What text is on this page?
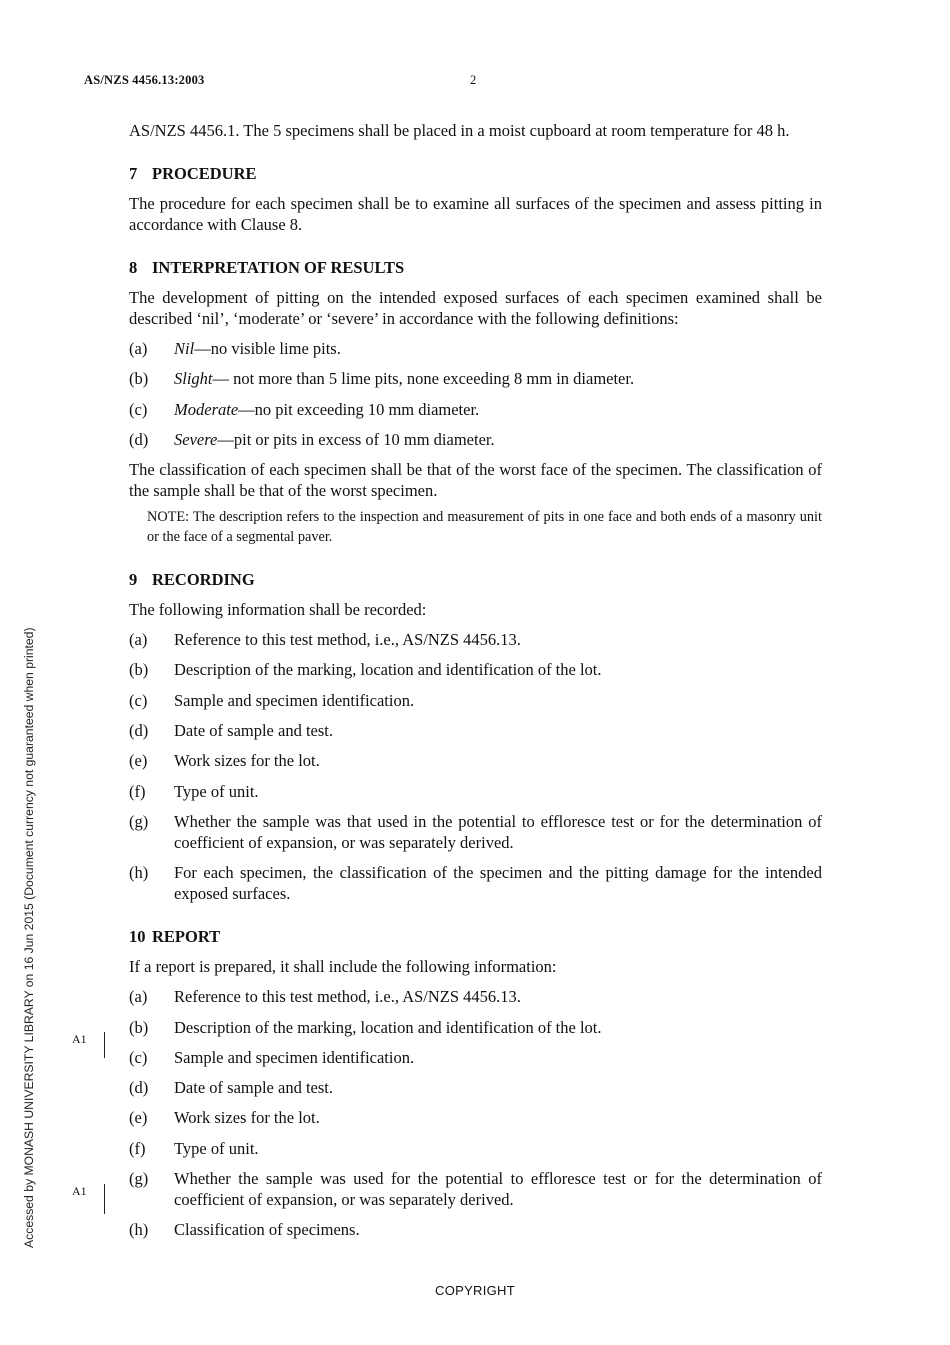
AS/NZS 4456.13:2003	2
Accessed by MONASH UNIVERSITY LIBRARY on 16 Jun 2015 (Document currency not guaranteed when printed)	A1
A1

AS/NZS 4456.1. The 5 specimens shall be placed in a moist cupboard at room temperature for 48 h.

7 PROCEDURE

The procedure for each specimen shall be to examine all surfaces of the specimen and assess pitting in accordance with Clause 8.

8 INTERPRETATION OF RESULTS

The development of pitting on the intended exposed surfaces of each specimen examined shall be described ‘nil’, ‘moderate’ or ‘severe’ in accordance with the following definitions:

(a)	Nil—no visible lime pits.
(b)	Slight— not more than 5 lime pits, none exceeding 8 mm in diameter.
(c)	Moderate—no pit exceeding 10 mm diameter.
(d)	Severe—pit or pits in excess of 10 mm diameter.

The classification of each specimen shall be that of the worst face of the specimen. The classification of the sample shall be that of the worst specimen.

NOTE: The description refers to the inspection and measurement of pits in one face and both ends of a masonry unit or the face of a segmental paver.

9 RECORDING

The following information shall be recorded:

(a)	Reference to this test method, i.e., AS/NZS 4456.13.
(b)	Description of the marking, location and identification of the lot.
(c)	Sample and specimen identification.
(d)	Date of sample and test.
(e)	Work sizes for the lot.
(f)	Type of unit.
(g)	Whether the sample was that used in the potential to effloresce test or for the determination of coefficient of expansion, or was separately derived.
(h)	For each specimen, the classification of the specimen and the pitting damage for the intended exposed surfaces.
10 REPORT

If a report is prepared, it shall include the following information:

(a)	Reference to this test method, i.e., AS/NZS 4456.13.
(b)	Description of the marking, location and identification of the lot.
(c)	Sample and specimen identification.
(d)	Date of sample and test.
(e)	Work sizes for the lot.
(f)	Type of unit.
(g)	Whether the sample was used for the potential to effloresce test or for the determination of coefficient of expansion, or was separately derived.
(h)	Classification of specimens.
COPYRIGHT
